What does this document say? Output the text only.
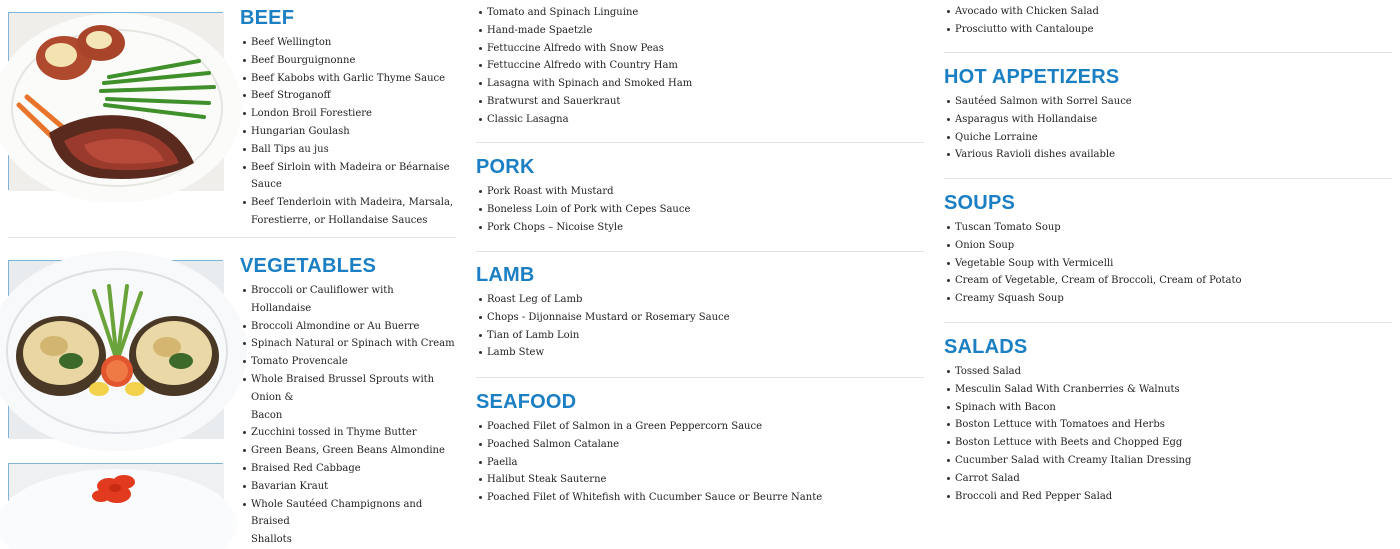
BEEF
Beef Wellington
Beef Bourguignonne
Beef Kabobs with Garlic Thyme Sauce
Beef Stroganoff
London Broil Forestiere
Hungarian Goulash
Ball Tips au jus
Beef Sirloin with Madeira or Béarnaise Sauce
Beef Tenderloin with Madeira, Marsala,
Forestierre, or Hollandaise Sauces
VEGETABLES
Broccoli or Cauliflower with Hollandaise
Broccoli Almondine or Au Buerre
Spinach Natural or Spinach with Cream
Tomato Provencale
Whole Braised Brussel Sprouts with Onion &
Bacon
Zucchini tossed in Thyme Butter
Green Beans, Green Beans Almondine
Braised Red Cabbage
Bavarian Kraut
Whole Sautéed Champignons and Braised
Shallots
Tomato and Spinach Linguine
Hand-made Spaetzle
Fettuccine Alfredo with Snow Peas
Fettuccine Alfredo with Country Ham
Lasagna with Spinach and Smoked Ham
Bratwurst and Sauerkraut
Classic Lasagna
PORK
Pork Roast with Mustard
Boneless Loin of Pork with Cepes Sauce
Pork Chops – Nicoise Style
LAMB
Roast Leg of Lamb
Chops - Dijonnaise Mustard or Rosemary Sauce
Tian of Lamb Loin
Lamb Stew
SEAFOOD
Poached Filet of Salmon in a Green Peppercorn Sauce
Poached Salmon Catalane
Paella
Halibut Steak Sauterne
Poached Filet of Whitefish with Cucumber Sauce or Beurre Nante
Avocado with Chicken Salad
Prosciutto with Cantaloupe
HOT APPETIZERS
Sautéed Salmon with Sorrel Sauce
Asparagus with Hollandaise
Quiche Lorraine
Various Ravioli dishes available
SOUPS
Tuscan Tomato Soup
Onion Soup
Vegetable Soup with Vermicelli
Cream of Vegetable, Cream of Broccoli, Cream of Potato
Creamy Squash Soup
SALADS
Tossed Salad
Mesculin Salad With Cranberries & Walnuts
Spinach with Bacon
Boston Lettuce with Tomatoes and Herbs
Boston Lettuce with Beets and Chopped Egg
Cucumber Salad with Creamy Italian Dressing
Carrot Salad
Broccoli and Red Pepper Salad
